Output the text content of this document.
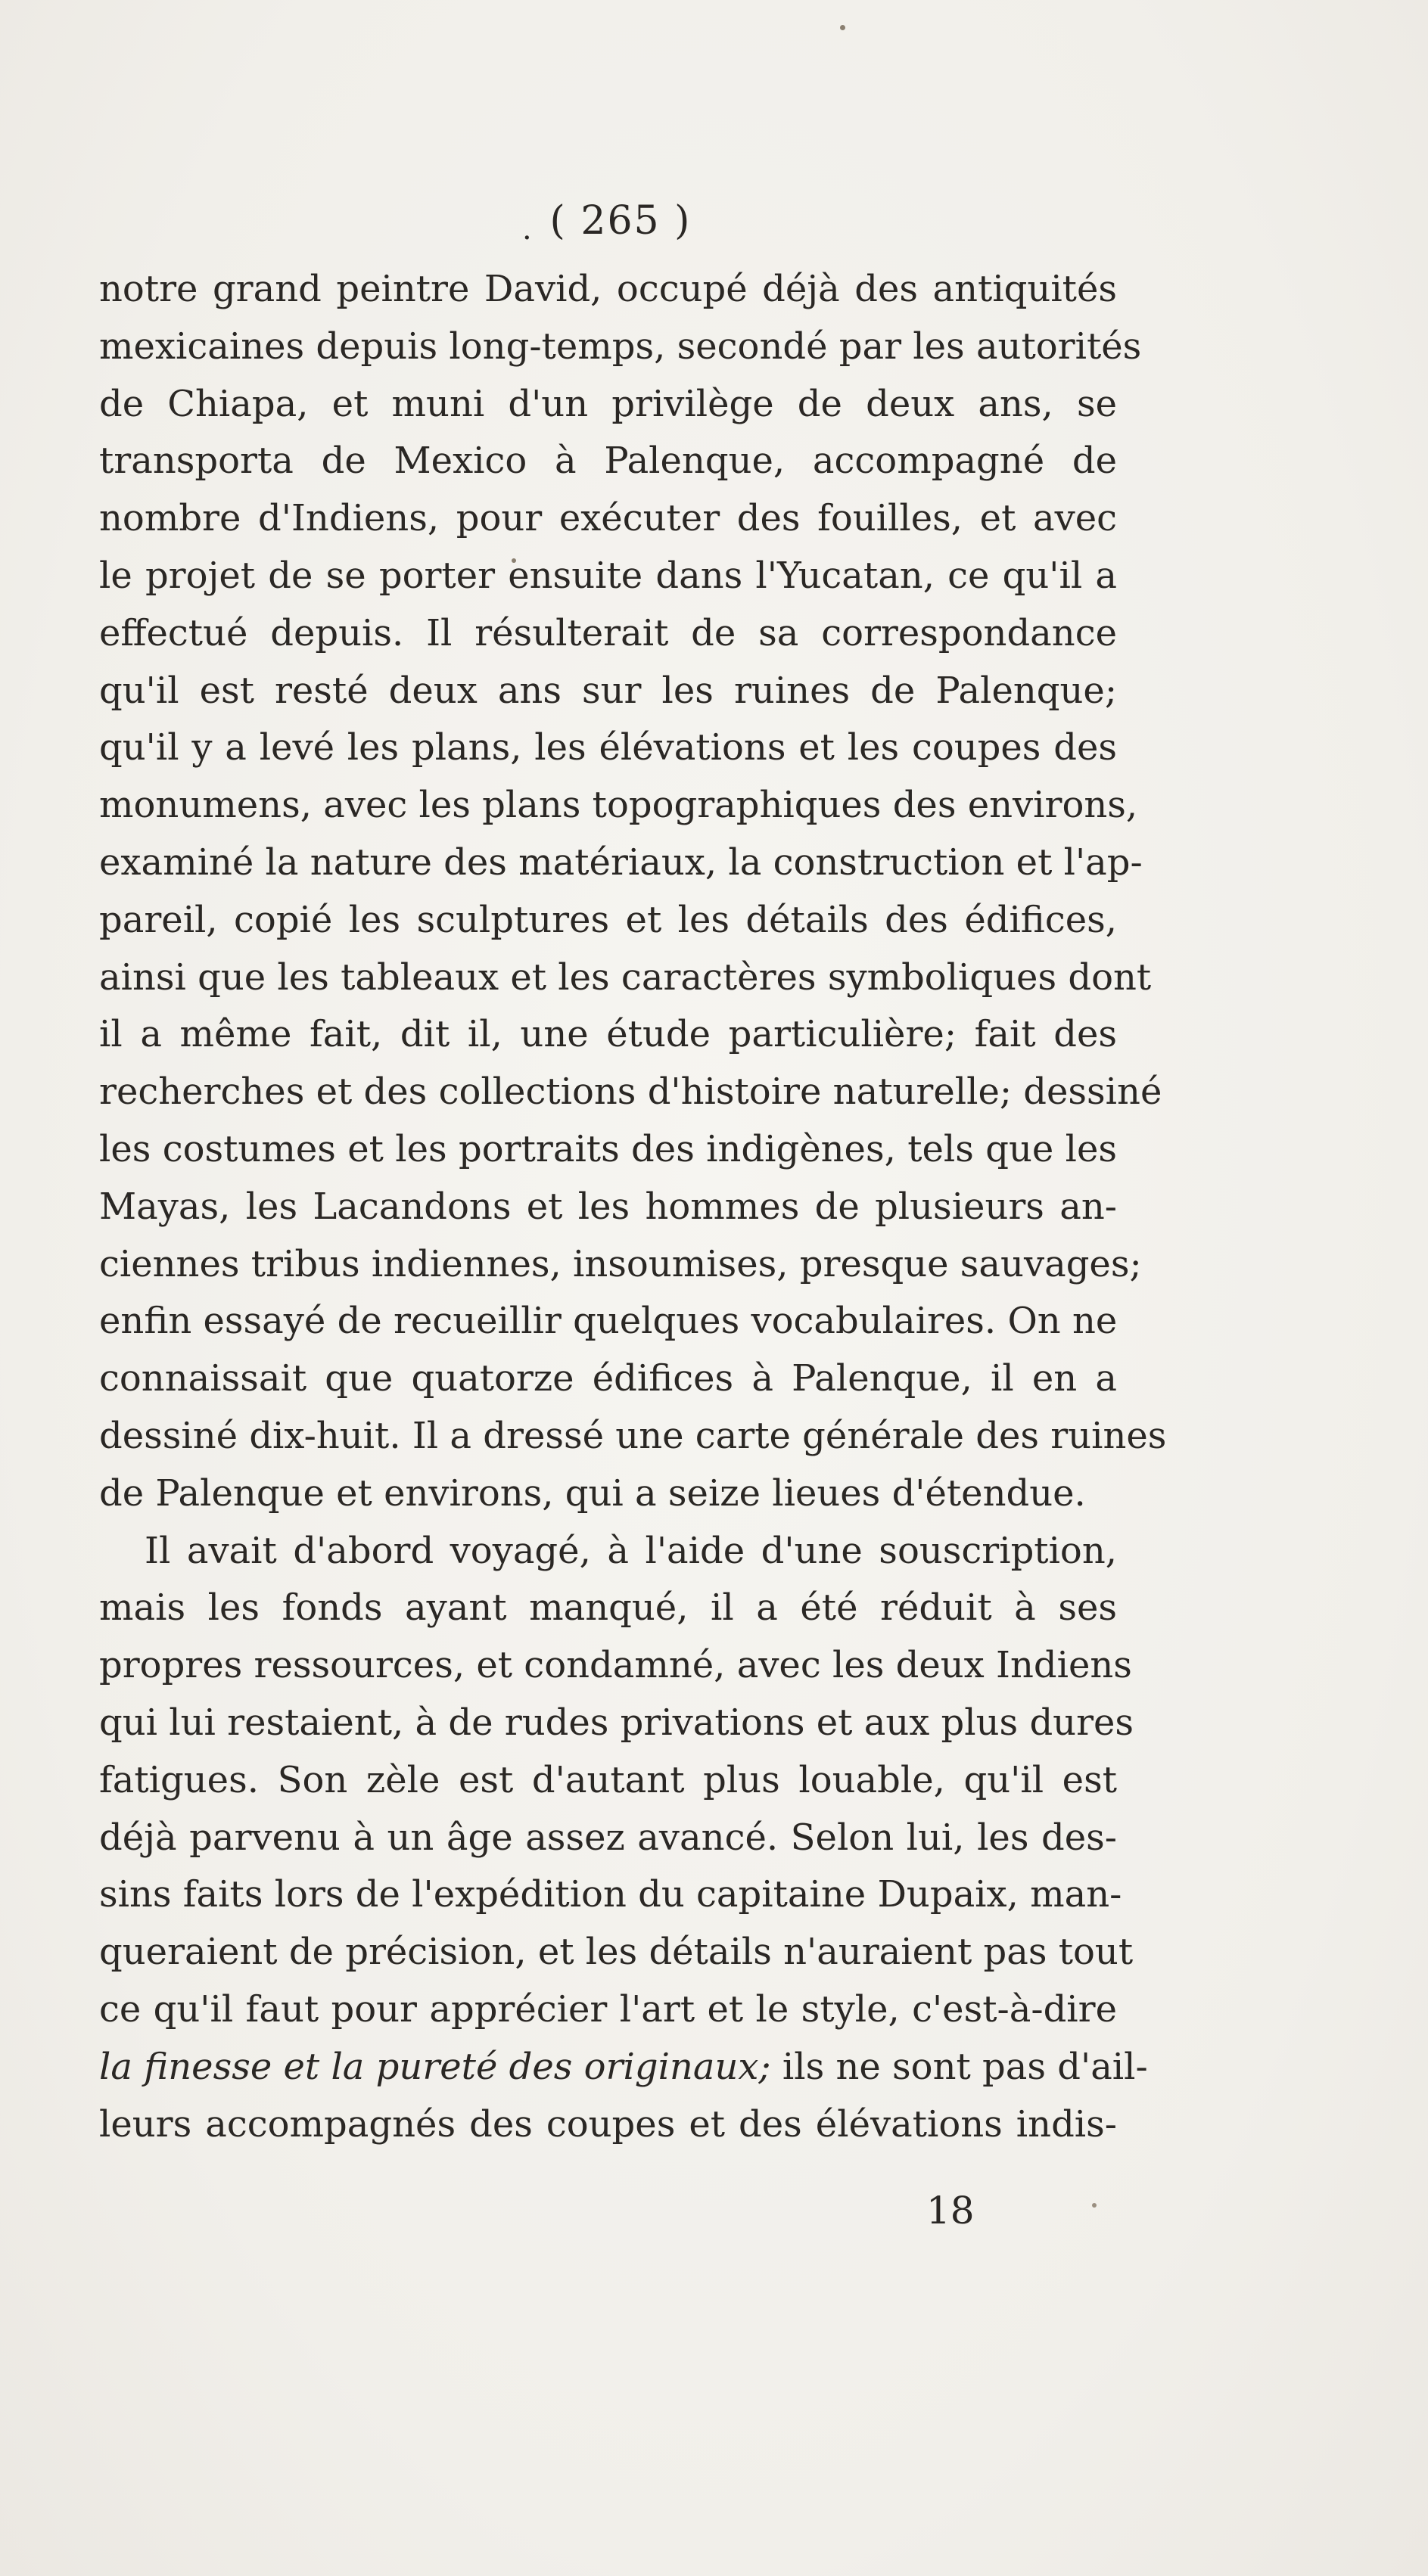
· ( 265 )
notre grand peintre David, occupé déjà des antiquités
mexicaines depuis long-temps, secondé par les autorités
de Chiapa, et muni d'un privilège de deux ans, se
transporta de Mexico à Palenque, accompagné de
nombre d'Indiens, pour exécuter des fouilles, et avec
le projet de se porter ensuite dans l'Yucatan, ce qu'il a
effectué depuis. Il résulterait de sa correspondance
qu'il est resté deux ans sur les ruines de Palenque;
qu'il y a levé les plans, les élévations et les coupes des
monumens, avec les plans topographiques des environs,
examiné la nature des matériaux, la construction et l'ap-
pareil, copié les sculptures et les détails des édifices,
ainsi que les tableaux et les caractères symboliques dont
il a même fait, dit il, une étude particulière; fait des
recherches et des collections d'histoire naturelle; dessiné
les costumes et les portraits des indigènes, tels que les
Mayas, les Lacandons et les hommes de plusieurs an-
ciennes tribus indiennes, insoumises, presque sauvages;
enfin essayé de recueillir quelques vocabulaires. On ne
connaissait que quatorze édifices à Palenque, il en a
dessiné dix-huit. Il a dressé une carte générale des ruines
de Palenque et environs, qui a seize lieues d'étendue.
Il avait d'abord voyagé, à l'aide d'une souscription,
mais les fonds ayant manqué, il a été réduit à ses
propres ressources, et condamné, avec les deux Indiens
qui lui restaient, à de rudes privations et aux plus dures
fatigues. Son zèle est d'autant plus louable, qu'il est
déjà parvenu à un âge assez avancé. Selon lui, les des-
sins faits lors de l'expédition du capitaine Dupaix, man-
queraient de précision, et les détails n'auraient pas tout
ce qu'il faut pour apprécier l'art et le style, c'est-à-dire
la finesse et la pureté des originaux; ils ne sont pas d'ail-
leurs accompagnés des coupes et des élévations indis-
18
